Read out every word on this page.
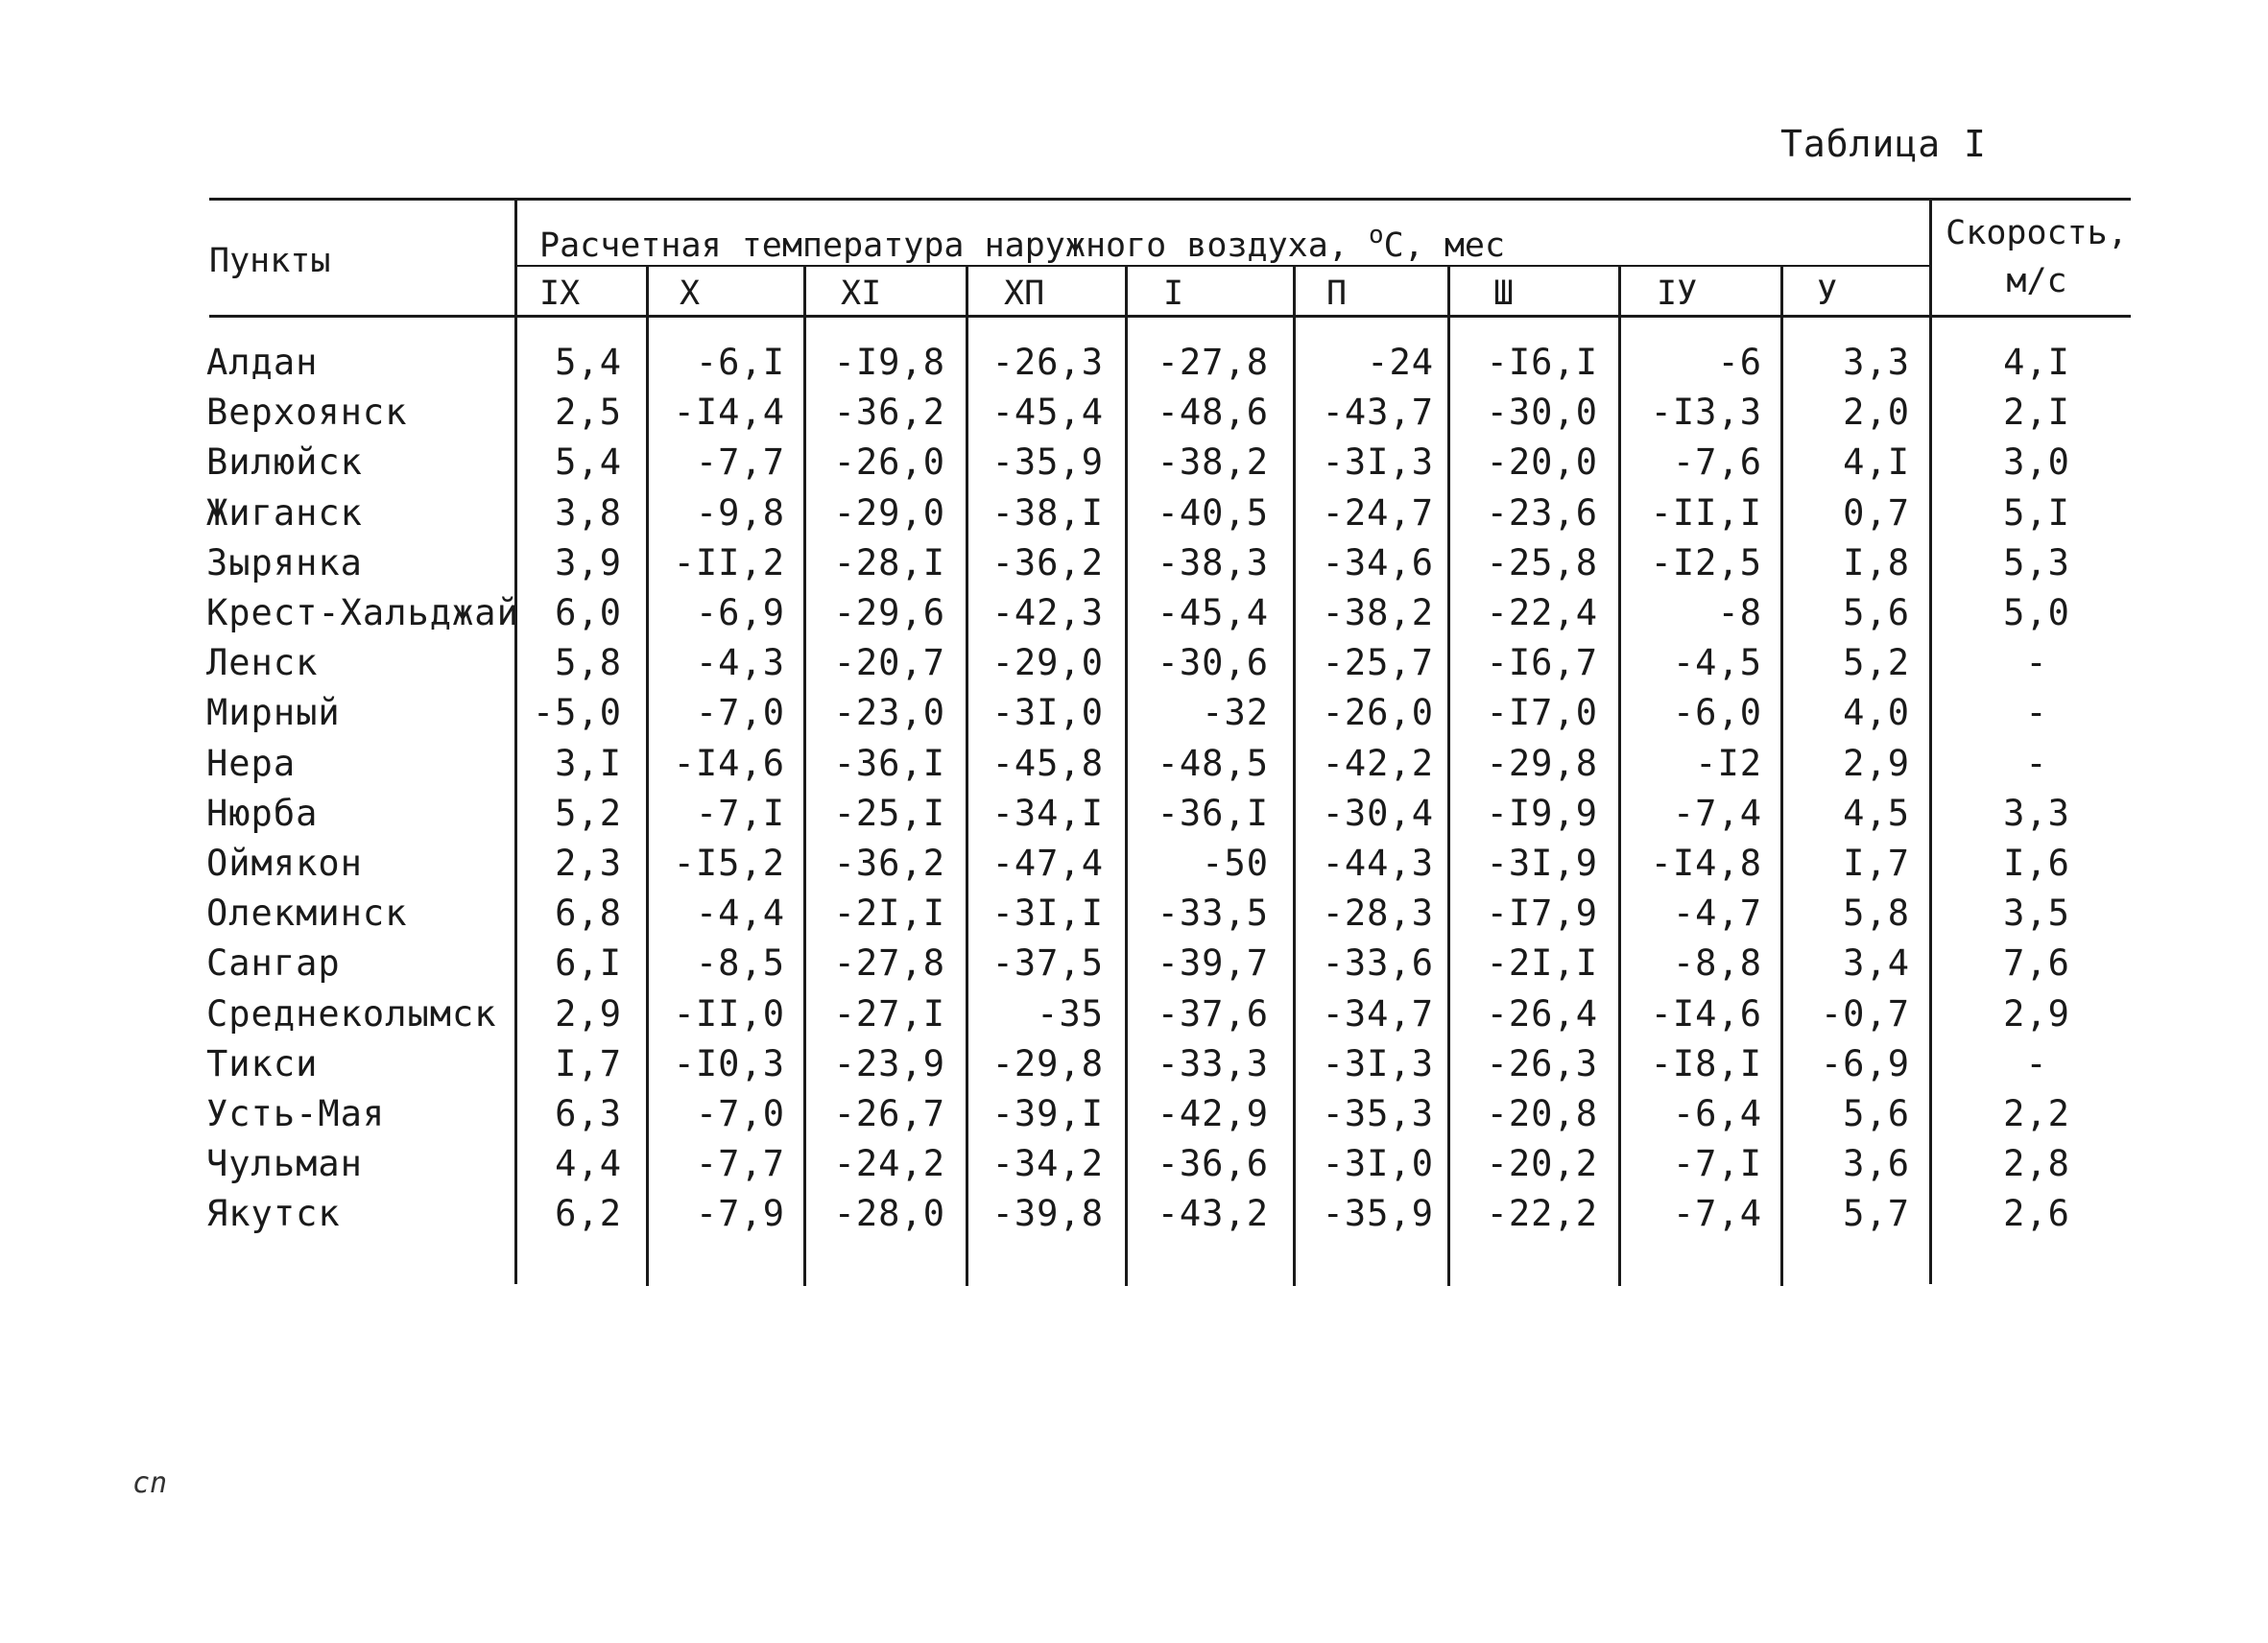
Таблица I
Пункты	Расчетная температура наружного воздуха, $^о$С, мес	Скорость,
м/с
IX	X	XI	ХП	I	П	Ш	IУ	У
Алдан	5,4 -6,I -I9,8 -26,3 -27,8	-24 -I6,I	-6 3,3	4,I
Верхоянск	2,5 -I4,4 -36,2 -45,4 -48,6 -43,7 -30,0 -I3,3 2,0	2,I
Вилюйск	5,4 -7,7 -26,0 -35,9 -38,2 -3I,3 -20,0 -7,6 4,I	3,0
Жиганск	3,8 -9,8 -29,0 -38,I -40,5 -24,7 -23,6 -II,I 0,7	5,I
Зырянка	3,9 -II,2 -28,I -36,2 -38,3 -34,6 -25,8 -I2,5 I,8	5,3
Крест-Хальджай 6,0 -6,9 -29,6 -42,3 -45,4 -38,2 -22,4	-8 5,6	5,0
Ленск	5,8 -4,3 -20,7 -29,0 -30,6 -25,7 -I6,7 -4,5 5,2	-
Мирный	-5,0 -7,0 -23,0 -3I,0	-32 -26,0 -I7,0 -6,0 4,0	-
Нера	3,I -I4,6 -36,I -45,8 -48,5 -42,2 -29,8	-I2 2,9	-
Нюрба	5,2 -7,I -25,I -34,I -36,I -30,4 -I9,9 -7,4 4,5	3,3
Оймякон	2,3 -I5,2 -36,2 -47,4	-50 -44,3 -3I,9 -I4,8 I,7	I,6
Олекминск	6,8 -4,4 -2I,I -3I,I -33,5 -28,3 -I7,9 -4,7 5,8	3,5
Сангар	6,I -8,5 -27,8 -37,5 -39,7 -33,6 -2I,I -8,8 3,4	7,6
Среднеколымск 2,9 -II,0 -27,I	-35 -37,6 -34,7 -26,4 -I4,6 -0,7	2,9
Тикси	I,7 -I0,3 -23,9 -29,8 -33,3 -3I,3 -26,3 -I8,I -6,9	-
Усть-Мая	6,3 -7,0 -26,7 -39,I -42,9 -35,3 -20,8 -6,4 5,6	2,2
Чульман	4,4 -7,7 -24,2 -34,2 -36,6 -3I,0 -20,2 -7,I 3,6	2,8
Якутск	6,2 -7,9 -28,0 -39,8 -43,2 -35,9 -22,2 -7,4 5,7	2,6
cn
